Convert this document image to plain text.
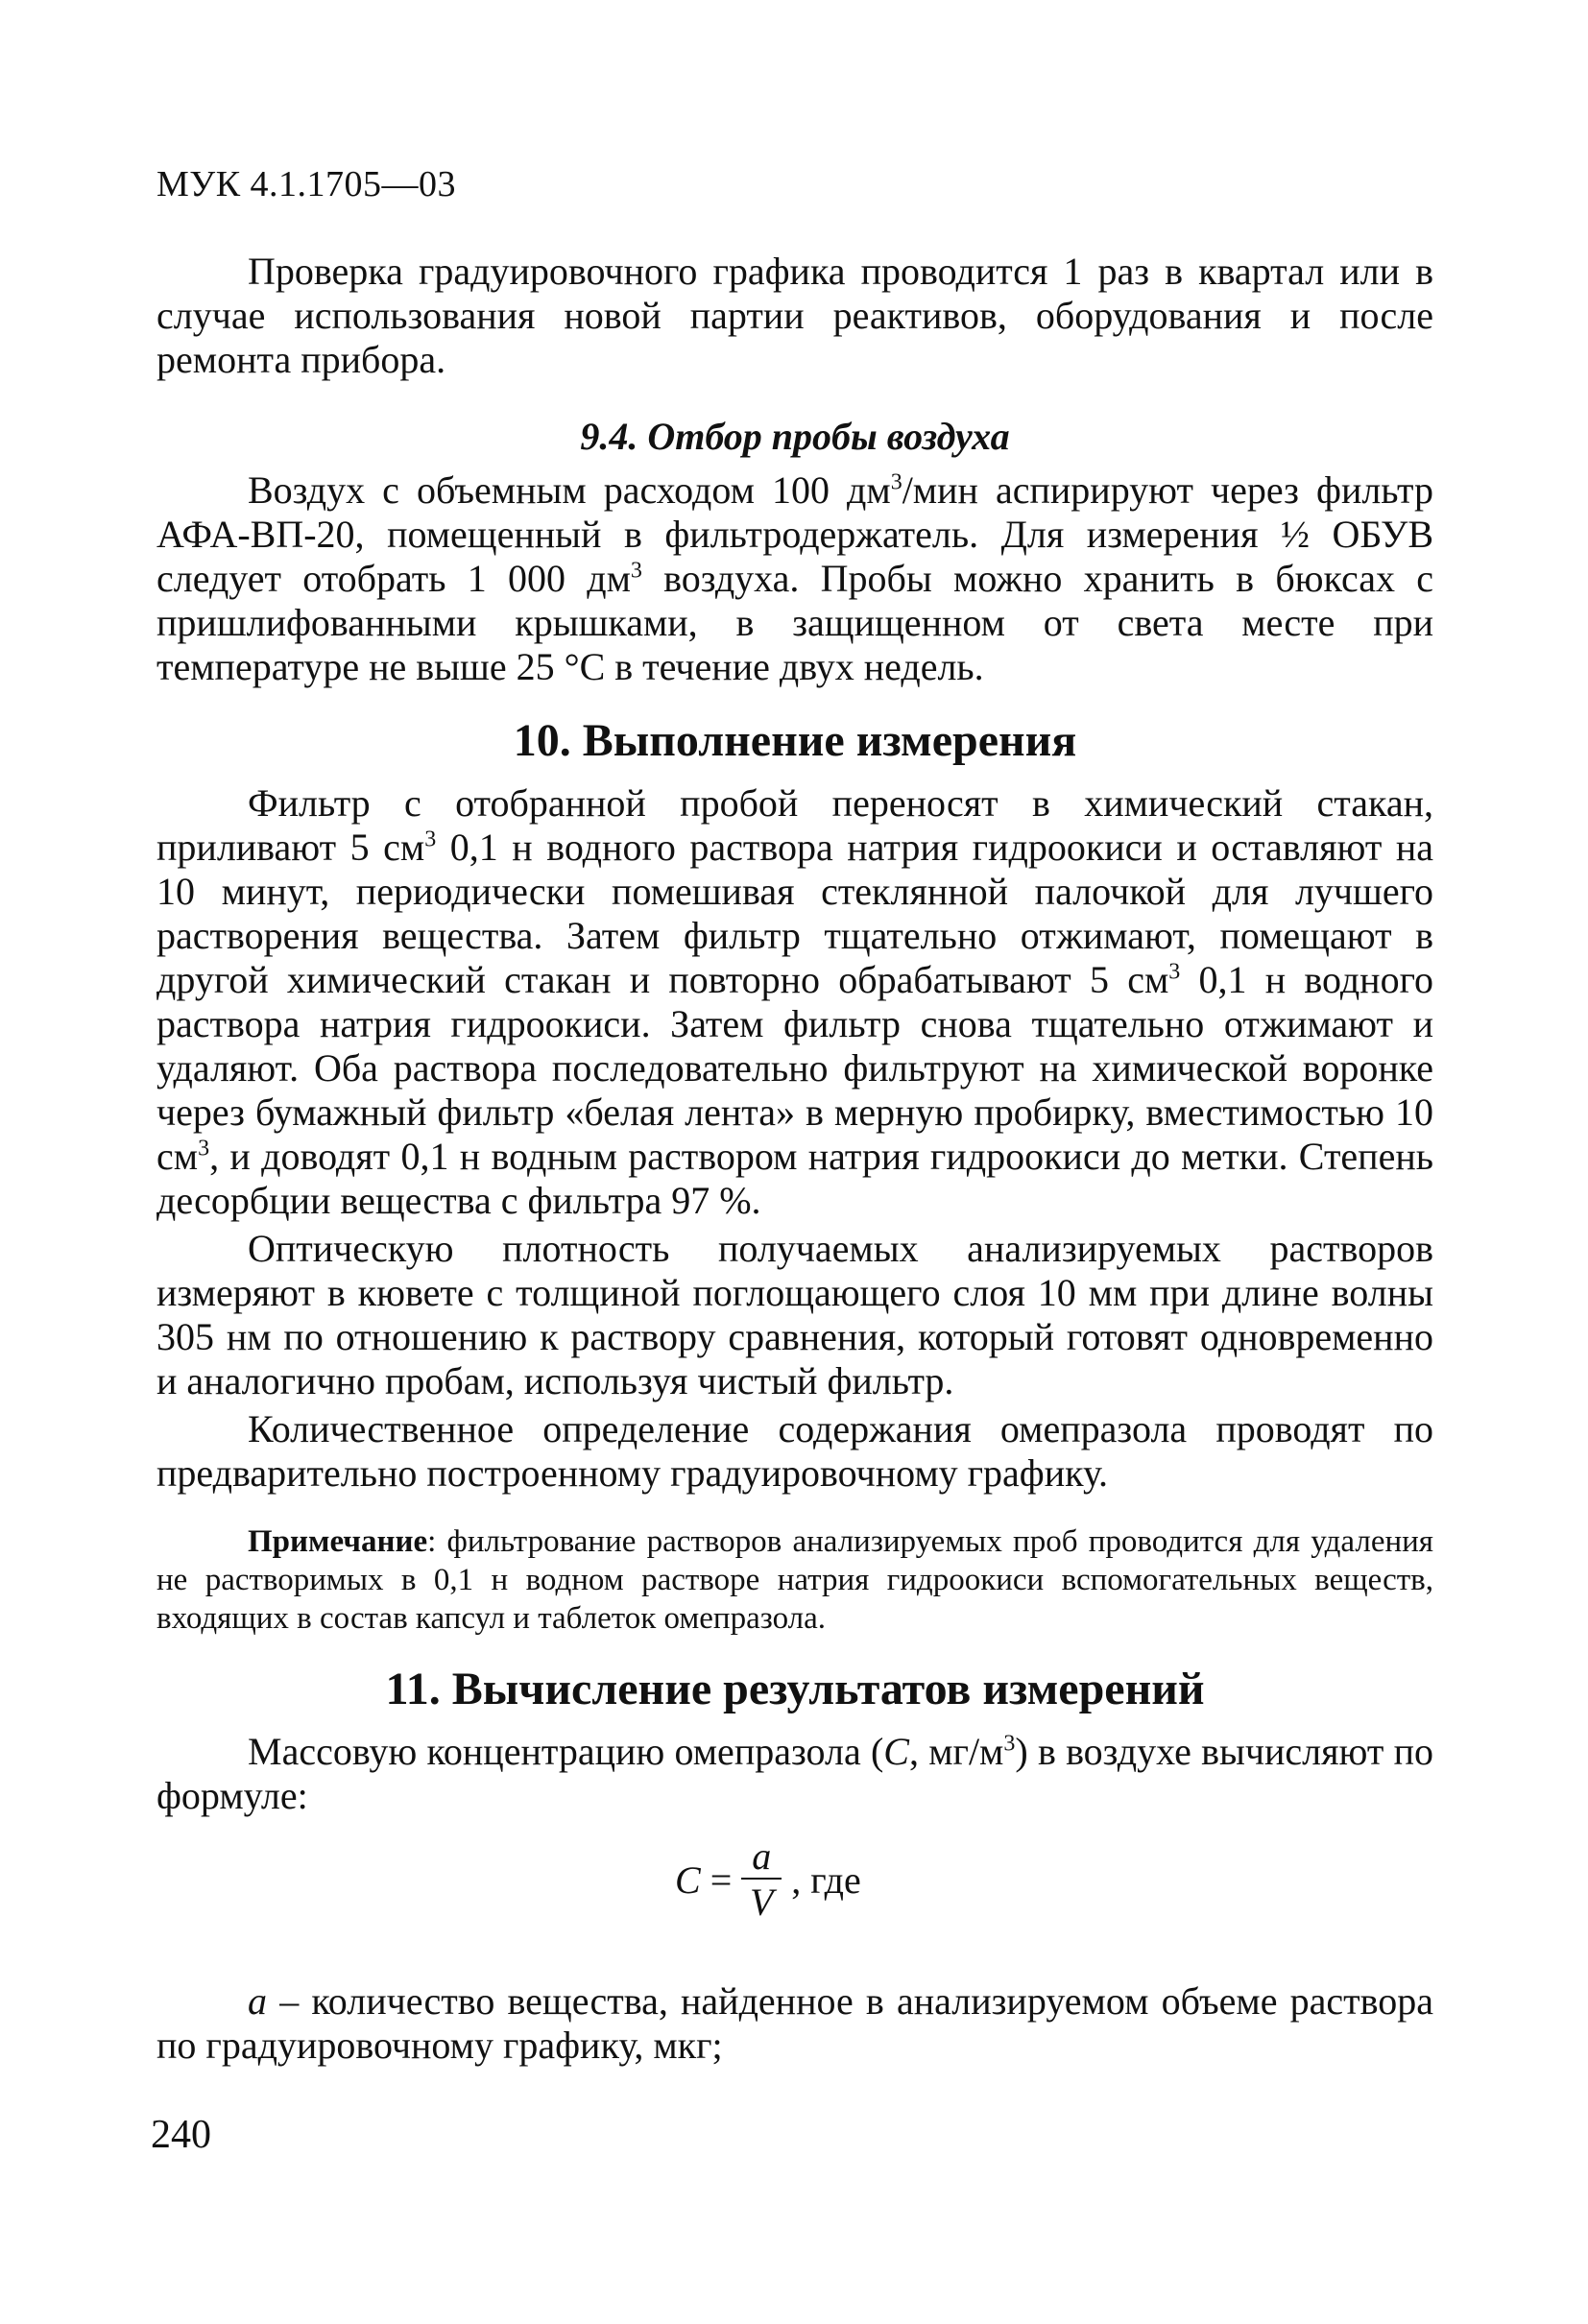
МУК 4.1.1705—03

Проверка градуировочного графика проводится 1 раз в квартал или в случае использования новой партии реактивов, оборудования и после ремонта прибора.

9.4. Отбор пробы воздуха

Воздух с объемным расходом 100 $дм^3$/мин аспирируют через фильтр АФА-ВП-20, помещенный в фильтродержатель. Для измерения ½ ОБУВ следует отобрать 1 000 $дм^3$ воздуха. Пробы можно хранить в бюксах с пришлифованными крышками, в защищенном от света месте при температуре не выше 25 °С в течение двух недель.

10. Выполнение измерения

Фильтр с отобранной пробой переносят в химический стакан, приливают 5 $см^3$ 0,1 н водного раствора натрия гидроокиси и оставляют на 10 минут, периодически помешивая стеклянной палочкой для лучшего растворения вещества. Затем фильтр тщательно отжимают, помещают в другой химический стакан и повторно обрабатывают 5 $см^3$ 0,1 н водного раствора натрия гидроокиси. Затем фильтр снова тщательно отжимают и удаляют. Оба раствора последовательно фильтруют на химической воронке через бумажный фильтр «белая лента» в мерную пробирку, вместимостью 10 $см^3$, и доводят 0,1 н водным раствором натрия гидроокиси до метки. Степень десорбции вещества с фильтра 97 %.

Оптическую плотность получаемых анализируемых растворов измеряют в кювете с толщиной поглощающего слоя 10 мм при длине волны 305 нм по отношению к раствору сравнения, который готовят одновременно и аналогично пробам, используя чистый фильтр.

Количественное определение содержания омепразола проводят по предварительно построенному градуировочному графику.

Примечание: фильтрование растворов анализируемых проб проводится для удаления не растворимых в 0,1 н водном растворе натрия гидроокиси вспомогательных веществ, входящих в состав капсул и таблеток омепразола.
11. Вычисление результатов измерений

Массовую концентрацию омепразола (С, $мг/м^3$) в воздухе вычисляют по формуле:

$С = \frac{a}{V}$ , где

a – количество вещества, найденное в анализируемом объеме раствора по градуировочному графику, мкг;

240
